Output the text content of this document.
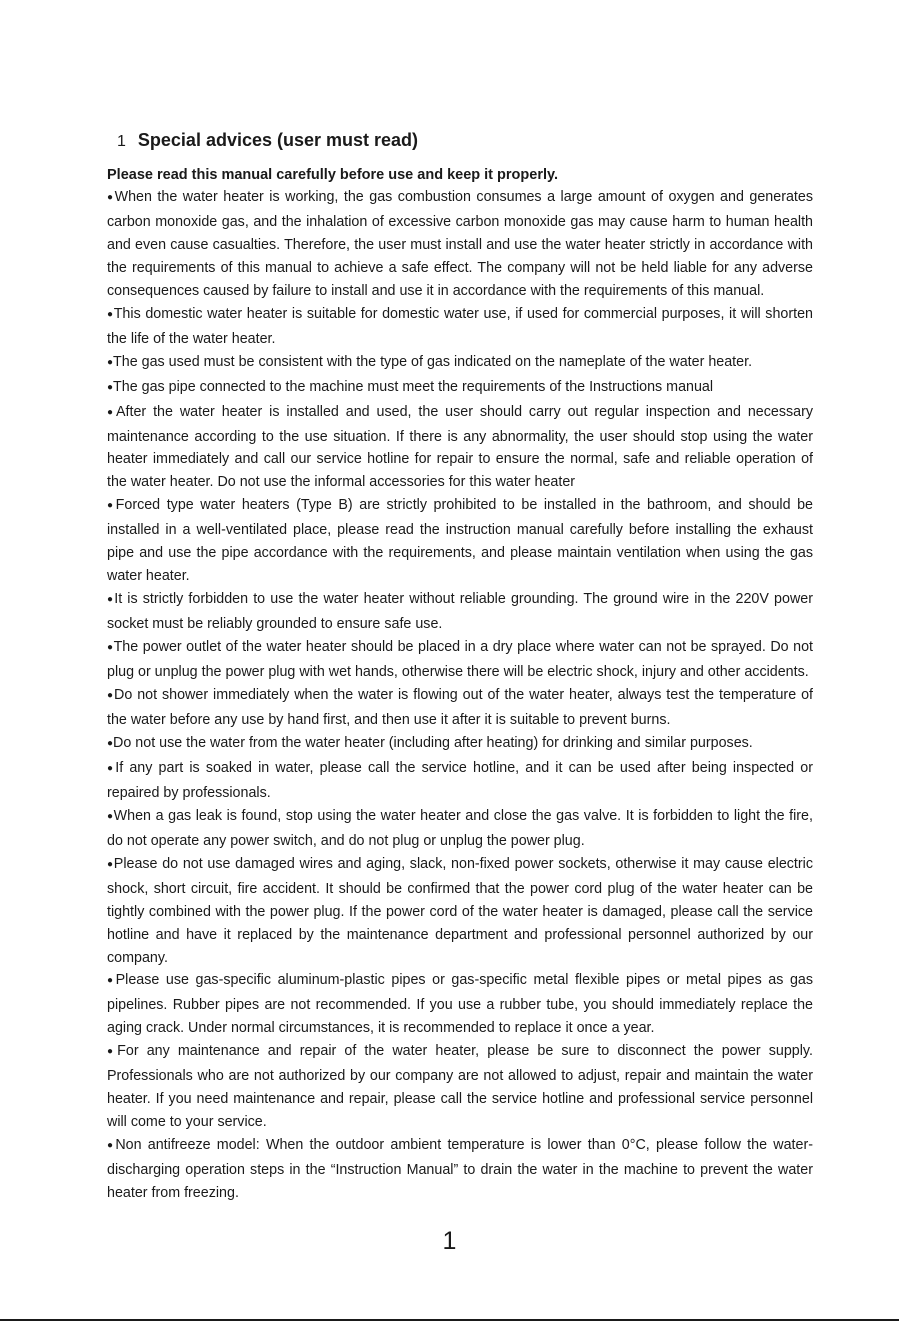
1 Special advices (user must read)

Please read this manual carefully before use and keep it properly.

● When the water heater is working, the gas combustion consumes a large amount of oxygen and generates carbon monoxide gas, and the inhalation of excessive carbon monoxide gas may cause harm to human health and even cause casualties. Therefore, the user must install and use the water heater strictly in accordance with the requirements of this manual to achieve a safe effect. The company will not be held liable for any adverse consequences caused by failure to install and use it in accordance with the requirements of this manual.

● This domestic water heater is suitable for domestic water use, if used for commercial purposes, it will shorten the life of the water heater.

● The gas used must be consistent with the type of gas indicated on the nameplate of the water heater.

● The gas pipe connected to the machine must meet the requirements of the Instructions manual

● After the water heater is installed and used, the user should carry out regular inspection and necessary maintenance according to the use situation. If there is any abnormality, the user should stop using the water heater immediately and call our service hotline for repair to ensure the normal, safe and reliable operation of the water heater. Do not use the informal accessories for this water heater

● Forced type water heaters (Type B) are strictly prohibited to be installed in the bathroom, and should be installed in a well-ventilated place, please read the instruction manual carefully before installing the exhaust pipe and use the pipe accordance with the requirements, and please maintain ventilation when using the gas water heater.

● It is strictly forbidden to use the water heater without reliable grounding. The ground wire in the 220V power socket must be reliably grounded to ensure safe use.

● The power outlet of the water heater should be placed in a dry place where water can not be sprayed. Do not plug or unplug the power plug with wet hands, otherwise there will be electric shock, injury and other accidents.

● Do not shower immediately when the water is flowing out of the water heater, always test the temperature of the water before any use by hand first, and then use it after it is suitable to prevent burns.

● Do not use the water from the water heater (including after heating) for drinking and similar purposes.

● If any part is soaked in water, please call the service hotline, and it can be used after being inspected or repaired by professionals.

● When a gas leak is found, stop using the water heater and close the gas valve. It is forbidden to light the fire, do not operate any power switch, and do not plug or unplug the power plug.

● Please do not use damaged wires and aging, slack, non-fixed power sockets, otherwise it may cause electric shock, short circuit, fire accident. It should be confirmed that the power cord plug of the water heater can be tightly combined with the power plug. If the power cord of the water heater is damaged, please call the service hotline and have it replaced by the maintenance department and professional personnel authorized by our company.

● Please use gas-specific aluminum-plastic pipes or gas-specific metal flexible pipes or metal pipes as gas pipelines. Rubber pipes are not recommended. If you use a rubber tube, you should immediately replace the aging crack. Under normal circumstances, it is recommended to replace it once a year.

● For any maintenance and repair of the water heater, please be sure to disconnect the power supply. Professionals who are not authorized by our company are not allowed to adjust, repair and maintain the water heater. If you need maintenance and repair, please call the service hotline and professional service personnel will come to your service.

● Non antifreeze model: When the outdoor ambient temperature is lower than 0°C, please follow the water-discharging operation steps in the “Instruction Manual” to drain the water in the machine to prevent the water heater from freezing.

1
